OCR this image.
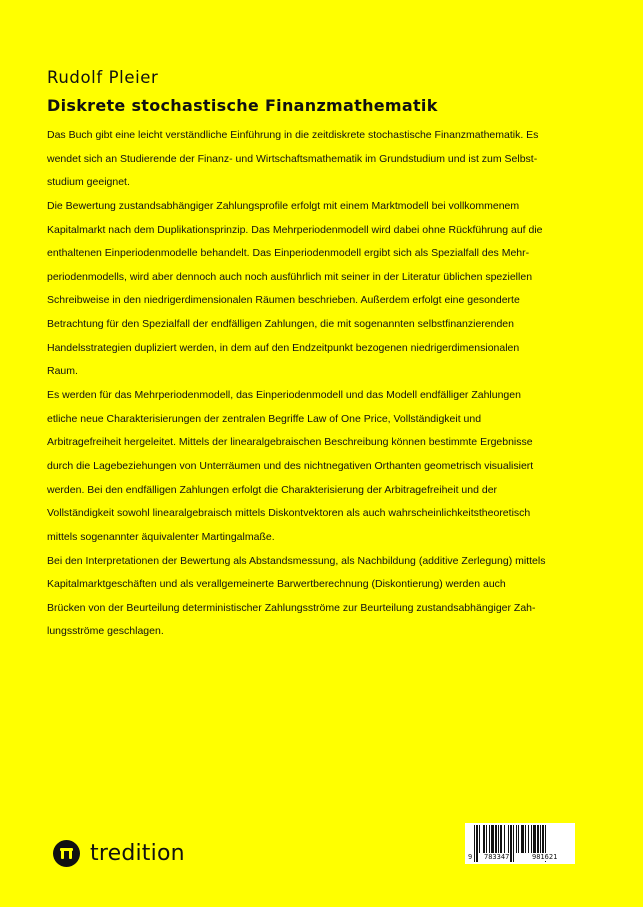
Rudolf Pleier
Diskrete stochastische Finanzmathematik
Das Buch gibt eine leicht verständliche Einführung in die zeitdiskrete stochastische Finanzmathematik. Es
wendet sich an Studierende der Finanz- und Wirtschaftsmathematik im Grundstudium und ist zum Selbst-
studium geeignet.
Die Bewertung zustandsabhängiger Zahlungsprofile erfolgt mit einem Marktmodell bei vollkommenem
Kapitalmarkt nach dem Duplikationsprinzip. Das Mehrperiodenmodell wird dabei ohne Rückführung auf die
enthaltenen Einperiodenmodelle behandelt. Das Einperiodenmodell ergibt sich als Spezialfall des Mehr-
periodenmodells, wird aber dennoch auch noch ausführlich mit seiner in der Literatur üblichen speziellen
Schreibweise in den niedrigerdimensionalen Räumen beschrieben. Außerdem erfolgt eine gesonderte
Betrachtung für den Spezialfall der endfälligen Zahlungen, die mit sogenannten selbstfinanzierenden
Handelsstrategien dupliziert werden, in dem auf den Endzeitpunkt bezogenen niedrigerdimensionalen
Raum.
Es werden für das Mehrperiodenmodell, das Einperiodenmodell und das Modell endfälliger Zahlungen
etliche neue Charakterisierungen der zentralen Begriffe Law of One Price, Vollständigkeit und
Arbitragefreiheit hergeleitet. Mittels der linearalgebraischen Beschreibung können bestimmte Ergebnisse
durch die Lagebeziehungen von Unterräumen und des nichtnegativen Orthanten geometrisch visualisiert
werden. Bei den endfälligen Zahlungen erfolgt die Charakterisierung der Arbitragefreiheit und der
Vollständigkeit sowohl linearalgebraisch mittels Diskontvektoren als auch wahrscheinlichkeitstheoretisch
mittels sogenannter äquivalenter Martingalmaße.
Bei den Interpretationen der Bewertung als Abstandsmessung, als Nachbildung (additive Zerlegung) mittels
Kapitalmarktgeschäften und als verallgemeinerte Barwertberechnung (Diskontierung) werden auch
Brücken von der Beurteilung deterministischer Zahlungsströme zur Beurteilung zustandsabhängiger Zah-
lungsströme geschlagen.
tredition	9 783347	981621
